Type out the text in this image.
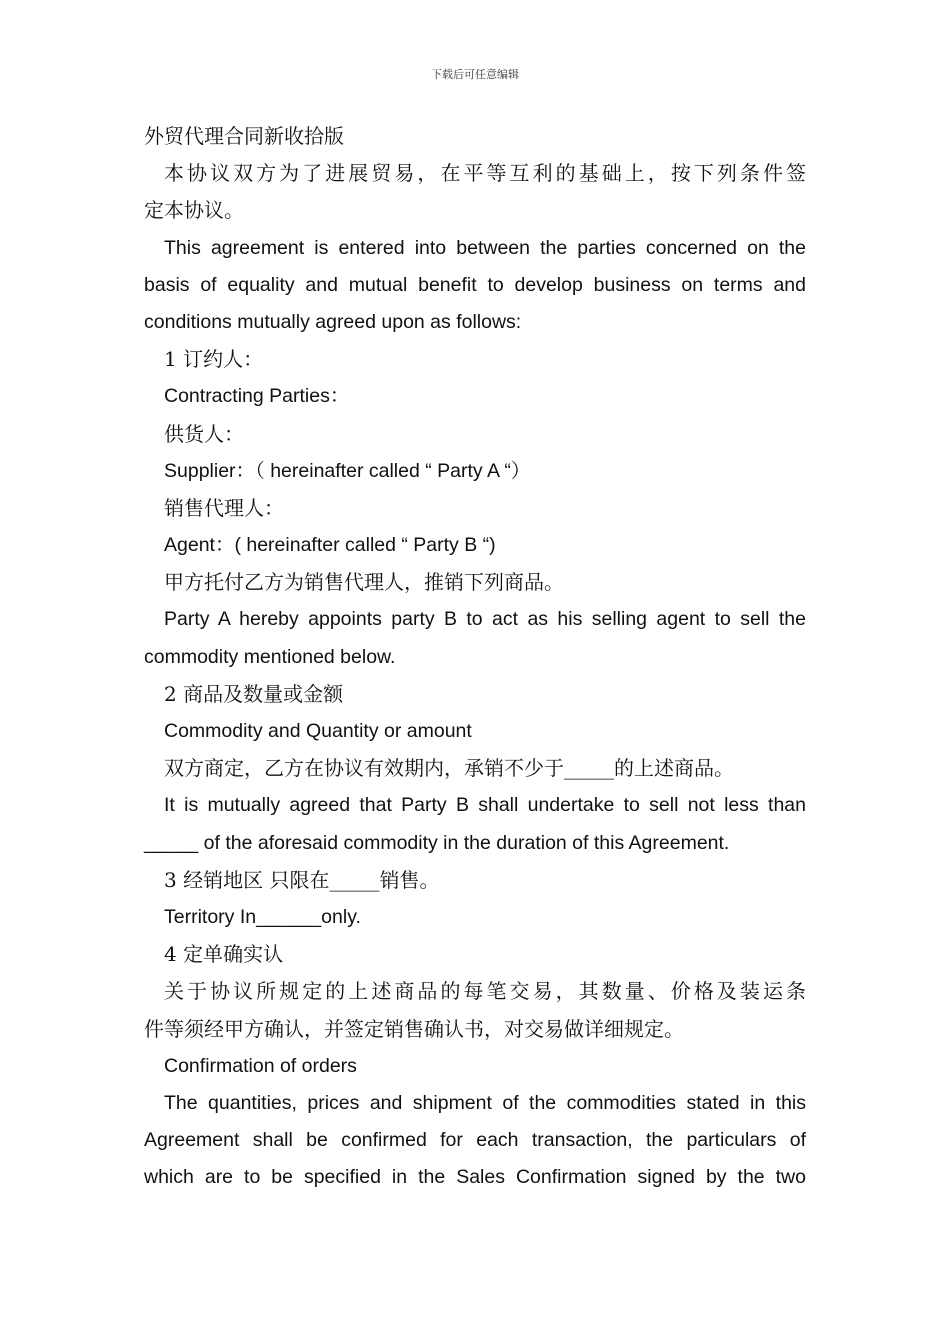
下载后可任意编辑
外贸代理合同新收拾版
本协议双方为了进展贸易，在平等互利的基础上，按下列条件签
定本协议。
This agreement is entered into between the parties concerned on the
basis of equality and mutual benefit to develop business on terms and
conditions mutually agreed upon as follows:
1 订约人：
Contracting Parties：
供货人：
Supplier：（ hereinafter called “ Party A “）
销售代理人：
Agent：( hereinafter called “ Party B “)
甲方托付乙方为销售代理人，推销下列商品。
Party A hereby appoints party B to act as his selling agent to sell the
commodity mentioned below.
2 商品及数量或金额
Commodity and Quantity or amount
双方商定，乙方在协议有效期内，承销不少于_____的上述商品。
It is mutually agreed that Party B shall undertake to sell not less than
_____ of the aforesaid commodity in the duration of this Agreement.
3 经销地区 只限在_____销售。
Territory In______only.
4 定单确实认
关于协议所规定的上述商品的每笔交易，其数量、价格及装运条
件等须经甲方确认，并签定销售确认书，对交易做详细规定。
Confirmation of orders
The quantities, prices and shipment of the commodities stated in this
Agreement shall be confirmed for each transaction, the particulars of
which are to be specified in the Sales Confirmation signed by the two
